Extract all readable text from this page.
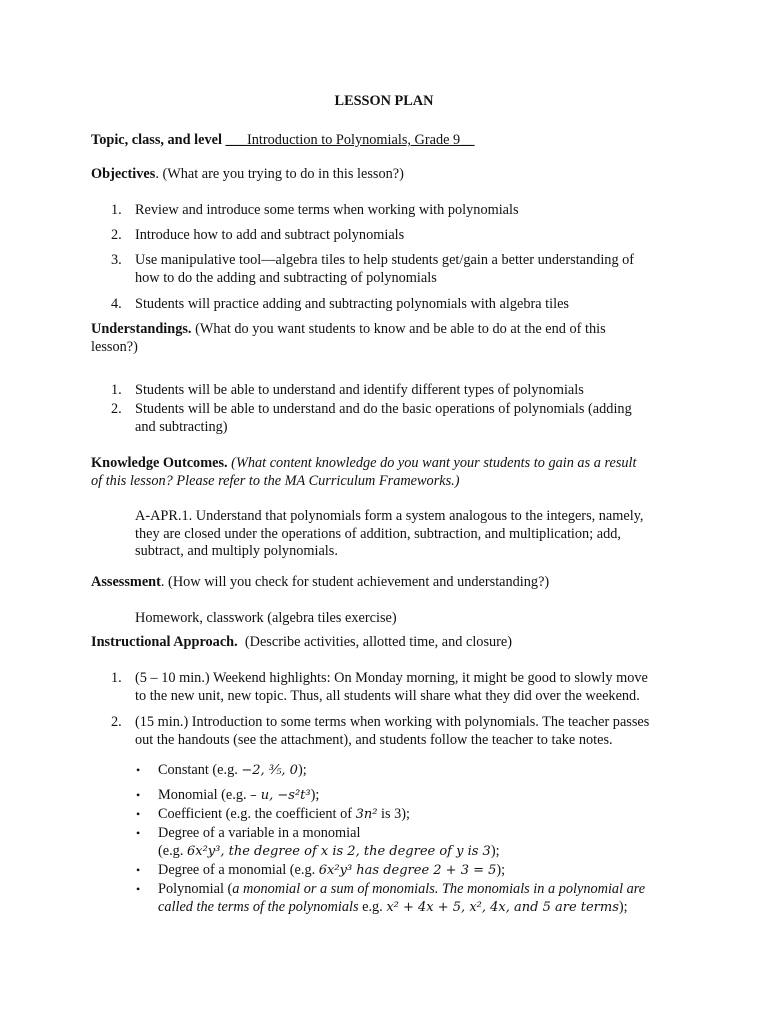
LESSON PLAN
Topic, class, and level ___Introduction to Polynomials, Grade 9__
Objectives. (What are you trying to do in this lesson?)
1. Review and introduce some terms when working with polynomials
2. Introduce how to add and subtract polynomials
3. Use manipulative tool—algebra tiles to help students get/gain a better understanding of
how to do the adding and subtracting of polynomials
4. Students will practice adding and subtracting polynomials with algebra tiles
Understandings. (What do you want students to know and be able to do at the end of this
lesson?)
1. Students will be able to understand and identify different types of polynomials
2. Students will be able to understand and do the basic operations of polynomials (adding
and subtracting)
Knowledge Outcomes. (What content knowledge do you want your students to gain as a result
of this lesson? Please refer to the MA Curriculum Frameworks.)
A-APR.1. Understand that polynomials form a system analogous to the integers, namely,
they are closed under the operations of addition, subtraction, and multiplication; add,
subtract, and multiply polynomials.
Assessment. (How will you check for student achievement and understanding?)
Homework, classwork (algebra tiles exercise)
Instructional Approach.  (Describe activities, allotted time, and closure)
1. (5 – 10 min.) Weekend highlights: On Monday morning, it might be good to slowly move
to the new unit, new topic. Thus, all students will share what they did over the weekend.
2. (15 min.) Introduction to some terms when working with polynomials. The teacher passes
out the handouts (see the attachment), and students follow the teacher to take notes.
• Constant (e.g. −2, ³⁄₅, 0);
• Monomial (e.g. – u, −s²t³);
• Coefficient (e.g. the coefficient of 3n² is 3);
• Degree of a variable in a monomial
(e.g. 6x²y³, the degree of x is 2, the degree of y is 3);
• Degree of a monomial (e.g. 6x²y³ has degree 2 + 3 = 5);
• Polynomial (a monomial or a sum of monomials. The monomials in a polynomial are
called the terms of the polynomials e.g. x² + 4x + 5, x², 4x, and 5 are terms);
